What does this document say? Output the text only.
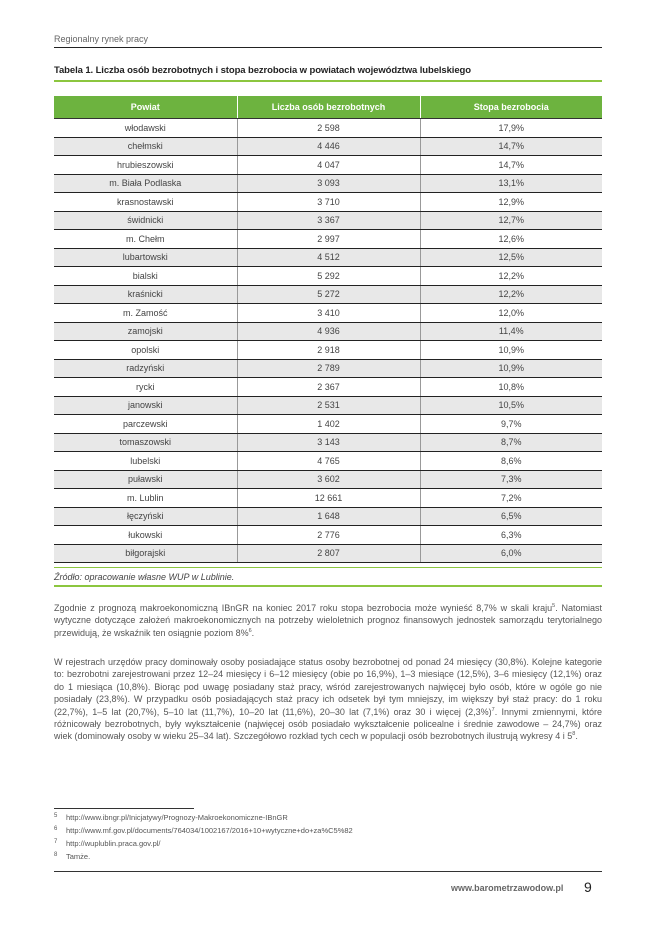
Regionalny rynek pracy
Tabela 1. Liczba osób bezrobotnych i stopa bezrobocia w powiatach województwa lubelskiego
Powiat	Liczba osób bezrobotnych	Stopa bezrobocia
włodawski	2 598	17,9%
chełmski	4 446	14,7%
hrubieszowski	4 047	14,7%
m. Biała Podlaska	3 093	13,1%
krasnostawski	3 710	12,9%
świdnicki	3 367	12,7%
m. Chełm	2 997	12,6%
lubartowski	4 512	12,5%
bialski	5 292	12,2%
kraśnicki	5 272	12,2%
m. Zamość	3 410	12,0%
zamojski	4 936	11,4%
opolski	2 918	10,9%
radzyński	2 789	10,9%
rycki	2 367	10,8%
janowski	2 531	10,5%
parczewski	1 402	9,7%
tomaszowski	3 143	8,7%
lubelski	4 765	8,6%
puławski	3 602	7,3%
m. Lublin	12 661	7,2%
łęczyński	1 648	6,5%
łukowski	2 776	6,3%
biłgorajski	2 807	6,0%
Źródło: opracowanie własne WUP w Lublinie.

Zgodnie z prognozą makroekonomiczną IBnGR na koniec 2017 roku stopa bezrobocia może wynieść 8,7% w skali kraju$^5$. Natomiast wytyczne dotyczące założeń makroekonomicznych na potrzeby wieloletnich prognoz finansowych jednostek samorządu terytorialnego przewidują, że wskaźnik ten osiągnie poziom 8%$^6$.

W rejestrach urzędów pracy dominowały osoby posiadające status osoby bezrobotnej od ponad 24 miesięcy (30,8%). Kolejne kategorie to: bezrobotni zarejestrowani przez 12–24 miesięcy i 6–12 miesięcy (obie po 16,9%), 1–3 miesiące (12,5%), 3–6 miesięcy (12,1%) oraz do 1 miesiąca (10,8%). Biorąc pod uwagę posiadany staż pracy, wśród zarejestrowanych najwięcej było osób, które w ogóle go nie posiadały (23,8%). W przypadku osób posiadających staż pracy ich odsetek był tym mniejszy, im większy był staż pracy: do 1 roku (22,7%), 1–5 lat (20,7%), 5–10 lat (11,7%), 10–20 lat (11,6%), 20–30 lat (7,1%) oraz 30 i więcej $(2,3\%)^7$. Innymi zmiennymi, które różnicowały bezrobotnych, były wykształcenie (najwięcej osób posiadało wykształcenie policealne i średnie zawodowe – 24,7%) oraz wiek (dominowały osoby w wieku 25–34 lat). Szczegółowo rozkład tych cech w populacji osób bezrobotnych ilustrują wykresy 4 i $5^8$.

5 http://www.ibngr.pl/Inicjatywy/Prognozy-Makroekonomiczne-IBnGR
6 http://www.mf.gov.pl/documents/764034/1002167/2016+10+wytyczne+do+za%C5%82
7 http://wuplublin.praca.gov.pl/
8 Tamże.
www.barometrzawodow.pl 9
